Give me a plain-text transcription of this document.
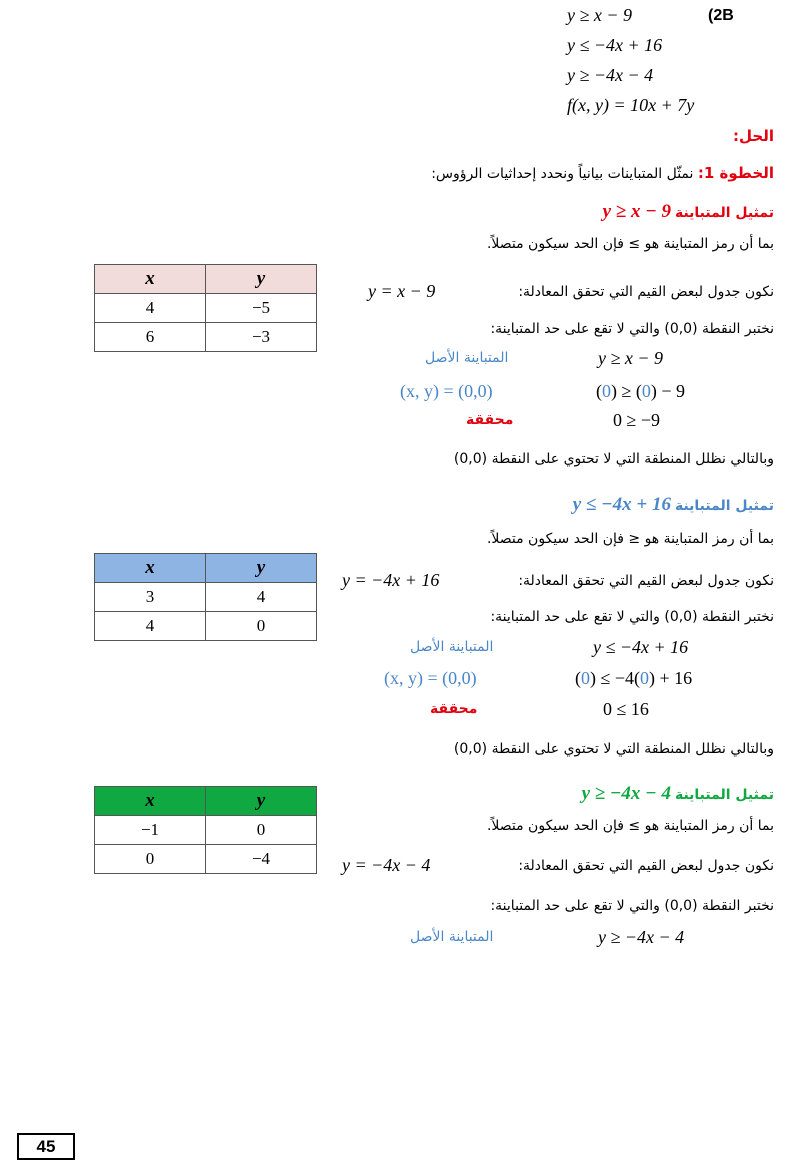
y ≥ x − 9	(2B
y ≤ −4x + 16
y ≥ −4x − 4
f(x, y) = 10x + 7y
الحل:
الخطوة 1: نمثّل المتباينات بيانياً ونحدد إحداثيات الرؤوس:
تمثيل المتباينة y ≥ x − 9
بما أن رمز المتباينة هو ≥ فإن الحد سيكون متصلاً.
نكون جدول لبعض القيم التي تحقق المعادلة:
y = x − 9
نختبر النقطة (0,0) والتي لا تقع على حد المتباينة:
المتباينة الأصل	y ≥ x − 9
(x, y) = (0,0)	(0) ≥ (0) − 9
محققة	0 ≥ −9
وبالتالي نظلل المنطقة التي لا تحتوي على النقطة (0,0)
x	y
4	−5
6	−3
تمثيل المتباينة y ≤ −4x + 16
بما أن رمز المتباينة هو ≤ فإن الحد سيكون متصلاً.
نكون جدول لبعض القيم التي تحقق المعادلة:
y = −4x + 16
نختبر النقطة (0,0) والتي لا تقع على حد المتباينة:
المتباينة الأصل	y ≤ −4x + 16
(x, y) = (0,0)	(0) ≤ −4(0) + 16
محققة	0 ≤ 16
وبالتالي نظلل المنطقة التي لا تحتوي على النقطة (0,0)
x	y
3	4
4	0
تمثيل المتباينة y ≥ −4x − 4
بما أن رمز المتباينة هو ≥ فإن الحد سيكون متصلاً.
نكون جدول لبعض القيم التي تحقق المعادلة:
y = −4x − 4
نختبر النقطة (0,0) والتي لا تقع على حد المتباينة:
المتباينة الأصل	y ≥ −4x − 4
x	y
−1	0
0	−4
45
